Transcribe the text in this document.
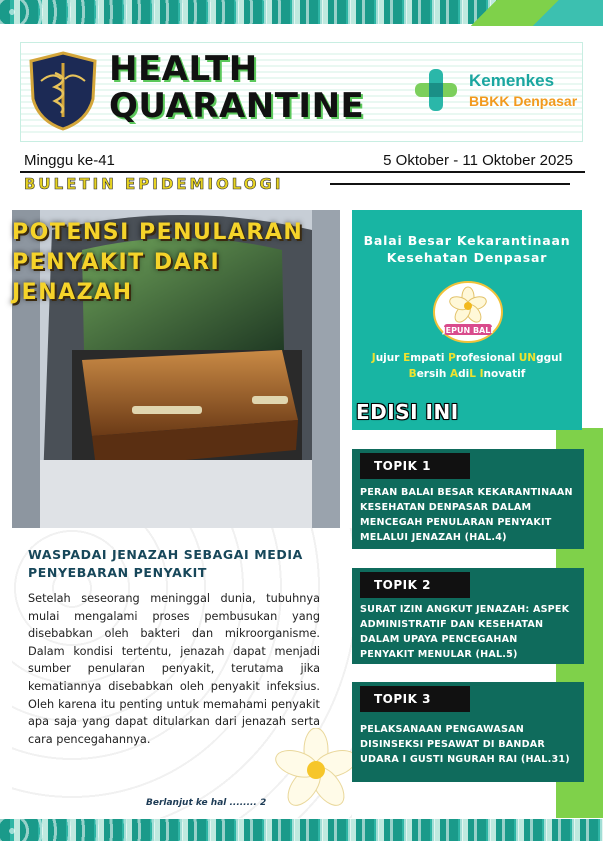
HEALTH
QUARANTINE
Kemenkes
BBKK Denpasar
Minggu ke-41	5 Oktober - 11 Oktober 2025
BULETIN EPIDEMIOLOGI
POTENSI PENULARAN PENYAKIT DARI JENAZAH
WASPADAI JENAZAH SEBAGAI MEDIA PENYEBARAN PENYAKIT
Setelah seseorang meninggal dunia, tubuhnya mulai mengalami proses pembusukan yang disebabkan oleh bakteri dan mikroorganisme. Dalam kondisi tertentu, jenazah dapat menjadi sumber penularan penyakit, terutama jika kematiannya disebabkan oleh penyakit infeksius. Oleh karena itu penting untuk memahami penyakit apa saja yang dapat ditularkan dari jenazah serta cara pencegahannya.
Berlanjut ke hal ........ 2
Balai Besar Kekarantinaan Kesehatan Denpasar
JEPUN BALI
Jujur Empati Profesional UNggul
Bersih AdiL Inovatif
EDISI INI
TOPIK 1
PERAN BALAI BESAR KEKARANTINAAN KESEHATAN DENPASAR DALAM MENCEGAH PENULARAN PENYAKIT MELALUI JENAZAH (HAL.4)
TOPIK 2
SURAT IZIN ANGKUT JENAZAH: ASPEK ADMINISTRATIF DAN KESEHATAN DALAM UPAYA PENCEGAHAN PENYAKIT MENULAR (HAL.5)
TOPIK 3
PELAKSANAAN PENGAWASAN DISINSEKSI PESAWAT DI BANDAR UDARA I GUSTI NGURAH RAI (HAL.31)
